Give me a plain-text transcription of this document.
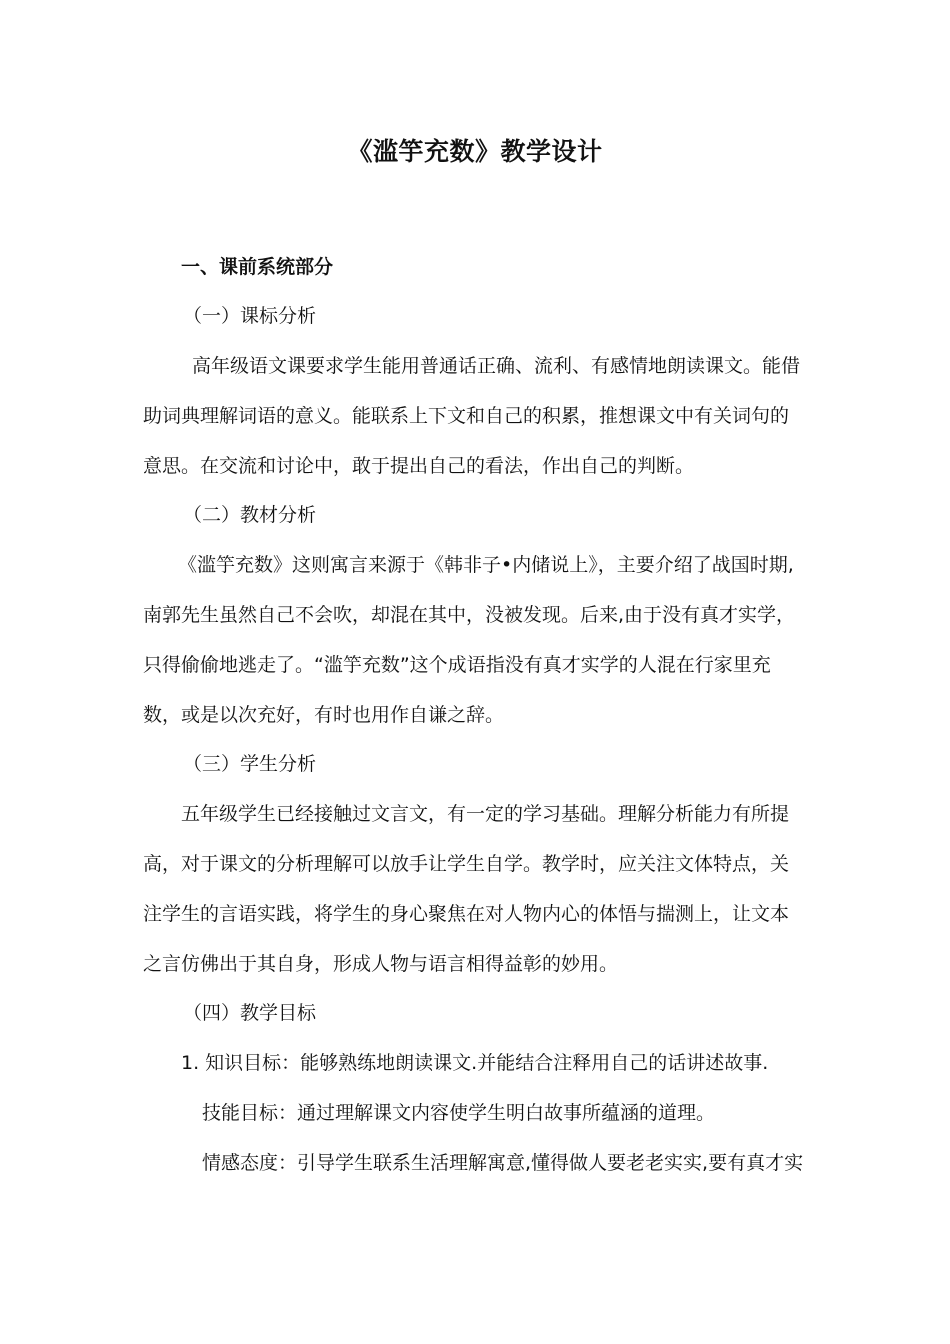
《滥竽充数》教学设计
一、课前系统部分
（一）课标分析
高年级语文课要求学生能用普通话正确、流利、有感情地朗读课文。能借
助词典理解词语的意义。能联系上下文和自己的积累，推想课文中有关词句的
意思。在交流和讨论中，敢于提出自己的看法，作出自己的判断。
（二）教材分析
《滥竽充数》这则寓言来源于《韩非子•内储说上》，主要介绍了战国时期,
南郭先生虽然自己不会吹，却混在其中，没被发现。后来,由于没有真才实学，
只得偷偷地逃走了。“滥竽充数”这个成语指没有真才实学的人混在行家里充
数，或是以次充好，有时也用作自谦之辞。
（三）学生分析
五年级学生已经接触过文言文，有一定的学习基础。理解分析能力有所提
高，对于课文的分析理解可以放手让学生自学。教学时，应关注文体特点，关
注学生的言语实践，将学生的身心聚焦在对人物内心的体悟与揣测上，让文本
之言仿佛出于其自身，形成人物与语言相得益彰的妙用。
（四）教学目标
1. 知识目标：能够熟练地朗读课文.并能结合注释用自己的话讲述故事.
技能目标：通过理解课文内容使学生明白故事所蕴涵的道理。
情感态度：引导学生联系生活理解寓意,懂得做人要老老实实,要有真才实
